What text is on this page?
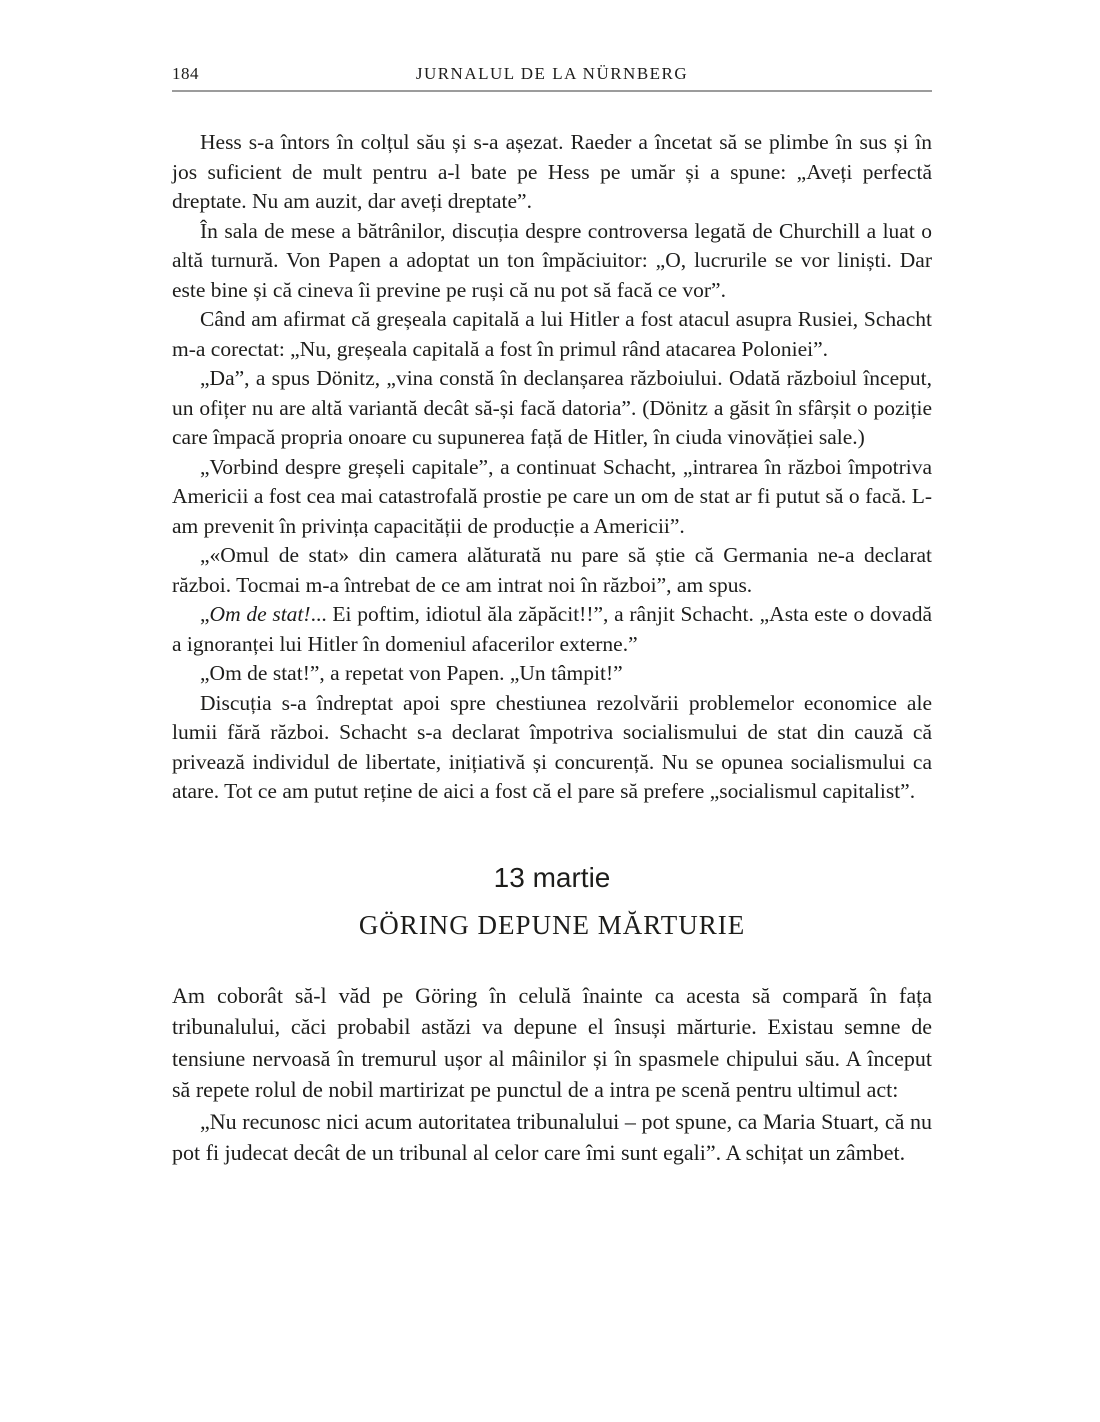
184	JURNALUL DE LA NÜRNBERG

Hess s-a întors în colțul său și s-a așezat. Raeder a încetat să se plimbe în sus și în jos suficient de mult pentru a-l bate pe Hess pe umăr și a spune: „Aveți perfectă dreptate. Nu am auzit, dar aveți dreptate”.

În sala de mese a bătrânilor, discuția despre controversa legată de Churchill a luat o altă turnură. Von Papen a adoptat un ton împăciuitor: „O, lucrurile se vor liniști. Dar este bine și că cineva îi previne pe ruși că nu pot să facă ce vor”.

Când am afirmat că greșeala capitală a lui Hitler a fost atacul asupra Rusiei, Schacht m-a corectat: „Nu, greșeala capitală a fost în primul rând atacarea Poloniei”.

„Da”, a spus Dönitz, „vina constă în declanșarea războiului. Odată războiul început, un ofițer nu are altă variantă decât să-și facă datoria”. (Dönitz a găsit în sfârșit o poziție care împacă propria onoare cu supunerea față de Hitler, în ciuda vinovăției sale.)

„Vorbind despre greșeli capitale”, a continuat Schacht, „intrarea în război împotriva Americii a fost cea mai catastrofală prostie pe care un om de stat ar fi putut să o facă. L-am prevenit în privința capacității de producție a Americii”.

„«Omul de stat» din camera alăturată nu pare să știe că Germania ne-a declarat război. Tocmai m-a întrebat de ce am intrat noi în război”, am spus.

„Om de stat!... Ei poftim, idiotul ăla zăpăcit!!”, a rânjit Schacht. „Asta este o dovadă a ignoranței lui Hitler în domeniul afacerilor externe.”

„Om de stat!”, a repetat von Papen. „Un tâmpit!”

Discuția s-a îndreptat apoi spre chestiunea rezolvării problemelor economice ale lumii fără război. Schacht s-a declarat împotriva socialismului de stat din cauză că privează individul de libertate, inițiativă și concurență. Nu se opunea socialismului ca atare. Tot ce am putut reține de aici a fost că el pare să prefere „socialismul capitalist”.

13 martie
GÖRING DEPUNE MĂRTURIE

Am coborât să-l văd pe Göring în celulă înainte ca acesta să compară în fața tribunalului, căci probabil astăzi va depune el însuși mărturie. Existau semne de tensiune nervoasă în tremurul ușor al mâinilor și în spasmele chipului său. A început să repete rolul de nobil martirizat pe punctul de a intra pe scenă pentru ultimul act:

„Nu recunosc nici acum autoritatea tribunalului – pot spune, ca Maria Stuart, că nu pot fi judecat decât de un tribunal al celor care îmi sunt egali”. A schițat un zâmbet.
